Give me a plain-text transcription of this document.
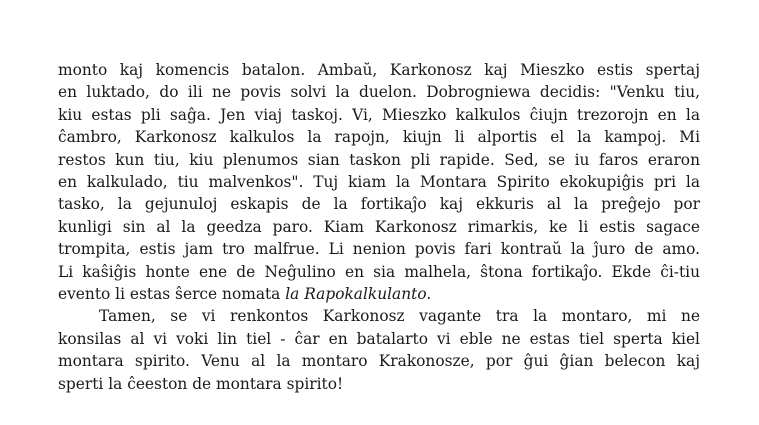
monto kaj komencis batalon. Ambaŭ, Karkonosz kaj Mieszko estis spertaj
en luktado, do ili ne povis solvi la duelon. Dobrogniewa decidis: "Venku tiu,
kiu estas pli saĝa. Jen viaj taskoj. Vi, Mieszko kalkulos ĉiujn trezorojn en la
ĉambro, Karkonosz kalkulos la rapojn, kiujn li alportis el la kampoj. Mi
restos kun tiu, kiu plenumos sian taskon pli rapide. Sed, se iu faros eraron
en kalkulado, tiu malvenkos". Tuj kiam la Montara Spirito ekokupiĝis pri la
tasko, la gejunuloj eskapis de la fortikaĵo kaj ekkuris al la preĝejo por
kunligi sin al la geedza paro. Kiam Karkonosz rimarkis, ke li estis sagace
trompita, estis jam tro malfrue. Li nenion povis fari kontraŭ la ĵuro de amo.
Li kaŝiĝis honte ene de Neĝulino en sia malhela, ŝtona fortikaĵo. Ekde ĉi-tiu
evento li estas ŝerce nomata la Rapokalkulanto.
Tamen, se vi renkontos Karkonosz vagante tra la montaro, mi ne
konsilas al vi voki lin tiel - ĉar en batalarto vi eble ne estas tiel sperta kiel
montara spirito. Venu al la montaro Krakonosze, por ĝui ĝian belecon kaj
sperti la ĉeeston de montara spirito!
